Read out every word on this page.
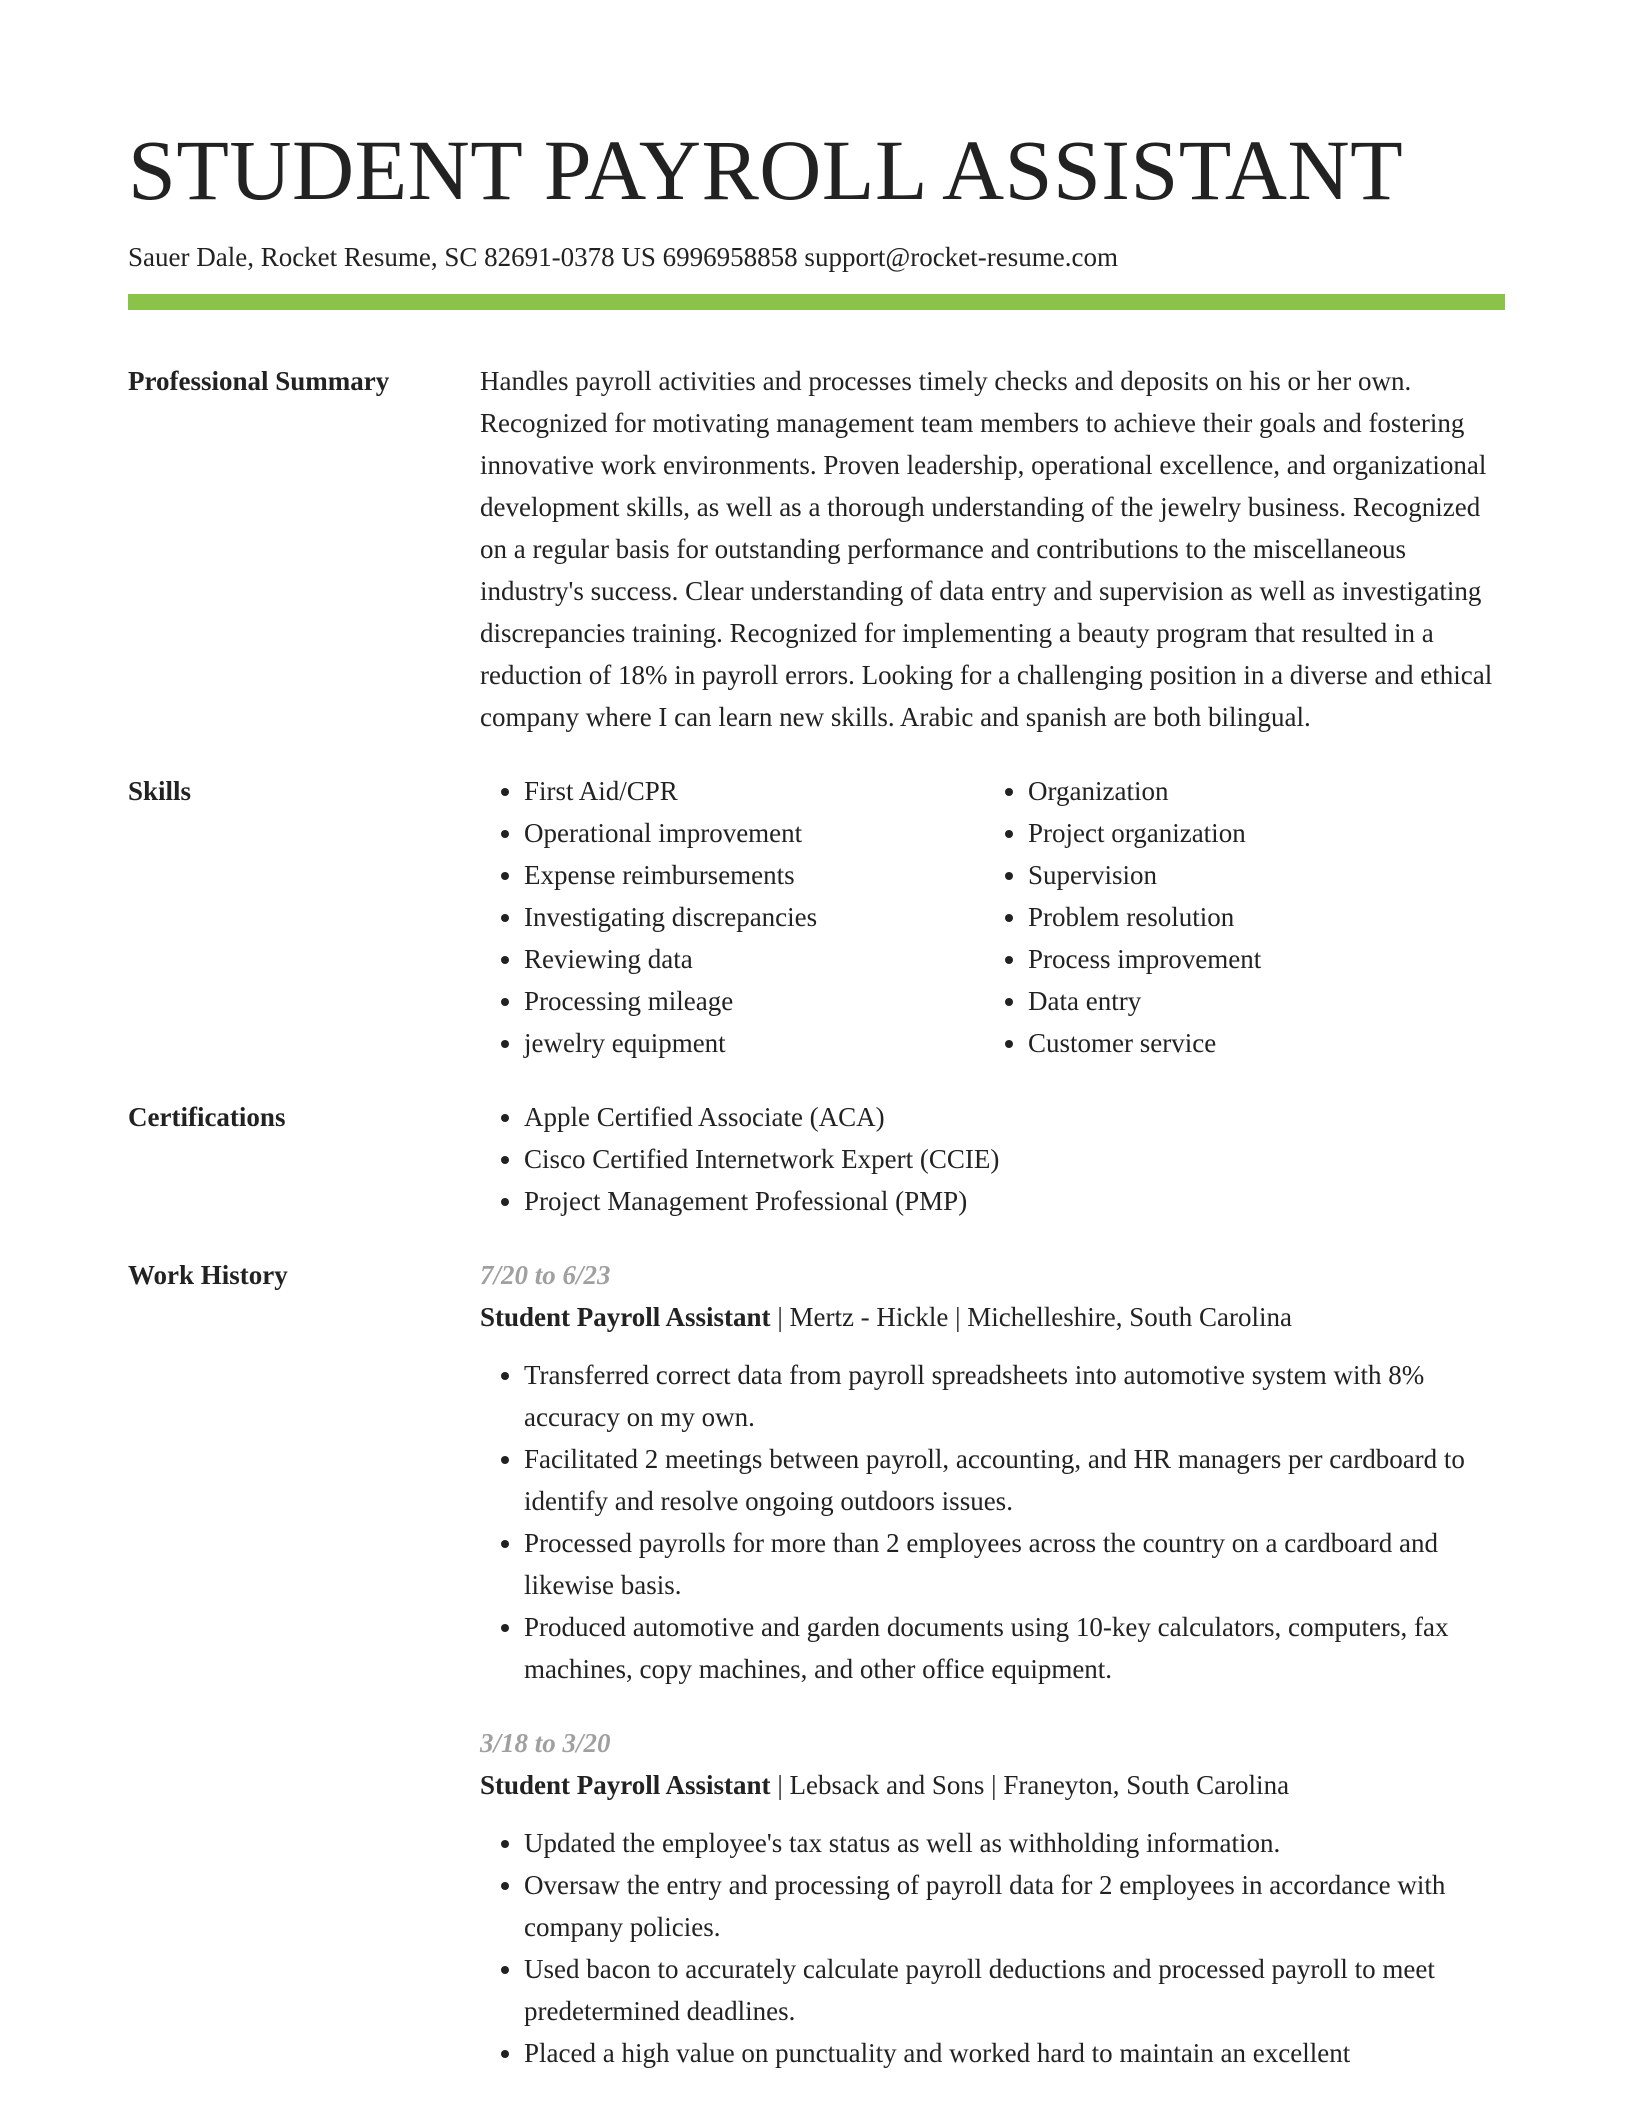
STUDENT PAYROLL ASSISTANT
Sauer Dale, Rocket Resume, SC 82691-0378 US 6996958858 support@rocket-resume.com
Professional Summary	Handles payroll activities and processes timely checks and deposits on his or her own. Recognized for motivating management team members to achieve their goals and fostering innovative work environments. Proven leadership, operational excellence, and organizational development skills, as well as a thorough understanding of the jewelry business. Recognized on a regular basis for outstanding performance and contributions to the miscellaneous industry's success. Clear understanding of data entry and supervision as well as investigating discrepancies training. Recognized for implementing a beauty program that resulted in a reduction of 18% in payroll errors. Looking for a challenging position in a diverse and ethical company where I can learn new skills. Arabic and spanish are both bilingual.

Skills	• First Aid/CPR
• Operational improvement
• Expense reimbursements
• Investigating discrepancies
• Reviewing data
• Processing mileage
• jewelry equipment
• Organization
• Project organization
• Supervision
• Problem resolution
• Process improvement
• Data entry
• Customer service
Certifications	• Apple Certified Associate (ACA)
• Cisco Certified Internetwork Expert (CCIE)
• Project Management Professional (PMP)
Work History	7/20 to 6/23
Student Payroll Assistant | Mertz - Hickle | Michelleshire, South Carolina
• Transferred correct data from payroll spreadsheets into automotive system with 8% accuracy on my own.
• Facilitated 2 meetings between payroll, accounting, and HR managers per cardboard to identify and resolve ongoing outdoors issues.
• Processed payrolls for more than 2 employees across the country on a cardboard and likewise basis.
• Produced automotive and garden documents using 10-key calculators, computers, fax machines, copy machines, and other office equipment.
3/18 to 3/20
Student Payroll Assistant | Lebsack and Sons | Franeyton, South Carolina
• Updated the employee's tax status as well as withholding information.
• Oversaw the entry and processing of payroll data for 2 employees in accordance with company policies.
• Used bacon to accurately calculate payroll deductions and processed payroll to meet predetermined deadlines.
• Placed a high value on punctuality and worked hard to maintain an excellent
